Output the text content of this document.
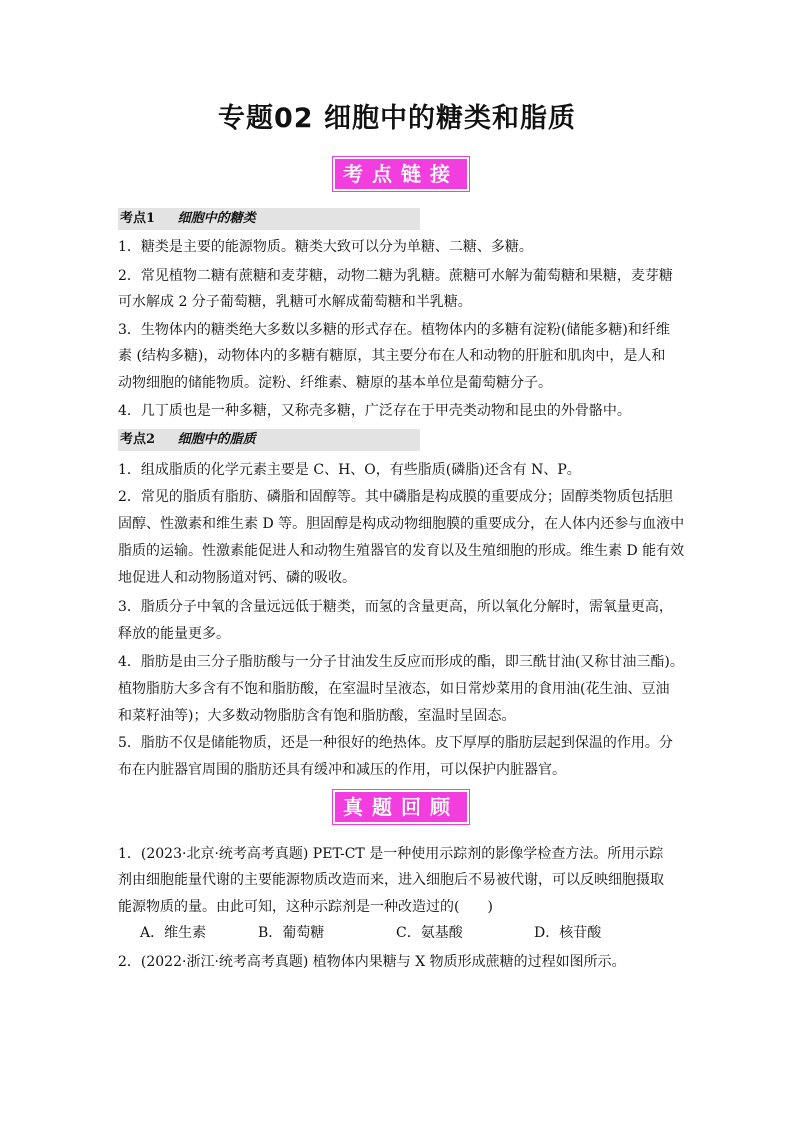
专题02 细胞中的糖类和脂质
考点链接
考点1 细胞中的糖类
1．糖类是主要的能源物质。糖类大致可以分为单糖、二糖、多糖。
2．常见植物二糖有蔗糖和麦芽糖，动物二糖为乳糖。蔗糖可水解为葡萄糖和果糖，麦芽糖
可水解成 2 分子葡萄糖，乳糖可水解成葡萄糖和半乳糖。
3．生物体内的糖类绝大多数以多糖的形式存在。植物体内的多糖有淀粉(储能多糖)和纤维
素 (结构多糖)，动物体内的多糖有糖原，其主要分布在人和动物的肝脏和肌肉中，是人和
动物细胞的储能物质。淀粉、纤维素、糖原的基本单位是葡萄糖分子。
4．几丁质也是一种多糖，又称壳多糖，广泛存在于甲壳类动物和昆虫的外骨骼中。
考点2 细胞中的脂质
1．组成脂质的化学元素主要是 C、H、O，有些脂质(磷脂)还含有 N、P。
2．常见的脂质有脂肪、磷脂和固醇等。其中磷脂是构成膜的重要成分；固醇类物质包括胆
固醇、性激素和维生素 D 等。胆固醇是构成动物细胞膜的重要成分，在人体内还参与血液中
脂质的运输。性激素能促进人和动物生殖器官的发育以及生殖细胞的形成。维生素 D 能有效
地促进人和动物肠道对钙、磷的吸收。
3．脂质分子中氧的含量远远低于糖类，而氢的含量更高，所以氧化分解时，需氧量更高，
释放的能量更多。
4．脂肪是由三分子脂肪酸与一分子甘油发生反应而形成的酯，即三酰甘油(又称甘油三酯)。
植物脂肪大多含有不饱和脂肪酸，在室温时呈液态，如日常炒菜用的食用油(花生油、豆油
和菜籽油等)；大多数动物脂肪含有饱和脂肪酸，室温时呈固态。
5．脂肪不仅是储能物质，还是一种很好的绝热体。皮下厚厚的脂肪层起到保温的作用。分
布在内脏器官周围的脂肪还具有缓冲和减压的作用，可以保护内脏器官。
真题回顾
1．(2023·北京·统考高考真题) PET-CT 是一种使用示踪剂的影像学检查方法。所用示踪
剂由细胞能量代谢的主要能源物质改造而来，进入细胞后不易被代谢，可以反映细胞摄取
能源物质的量。由此可知，这种示踪剂是一种改造过的(　　)
A．维生素	B．葡萄糖	C．氨基酸	D．核苷酸
2．(2022·浙江·统考高考真题) 植物体内果糖与 X 物质形成蔗糖的过程如图所示。
